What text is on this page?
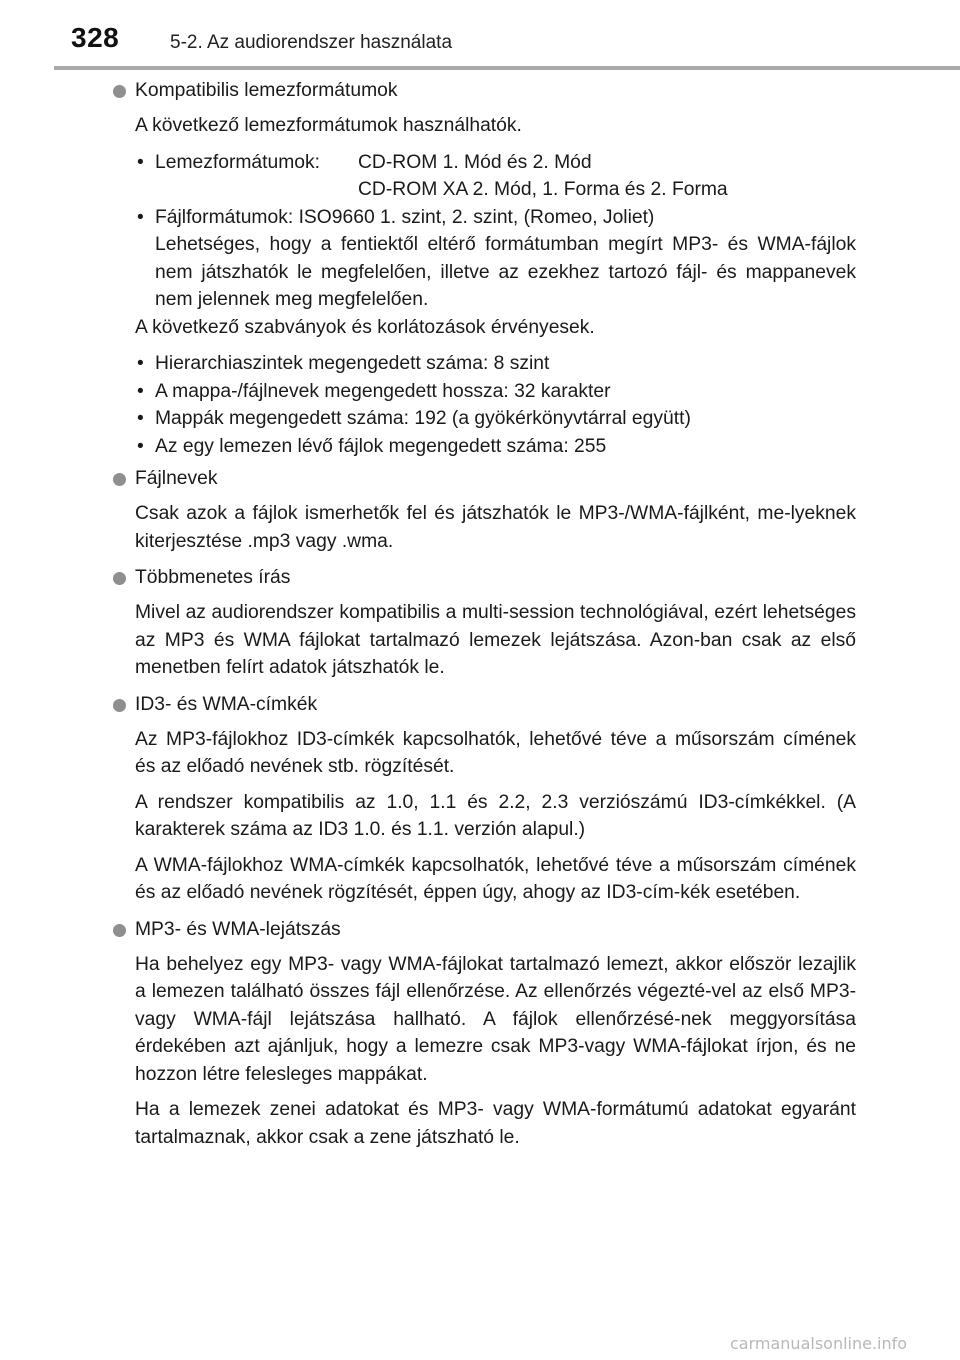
328	5-2. Az audiorendszer használata
Kompatibilis lemezformátumok

A következő lemezformátumok használhatók.

• Lemezformátumok:	CD-ROM 1. Mód és 2. Mód
CD-ROM XA 2. Mód, 1. Forma és 2. Forma
• Fájlformátumok: ISO9660 1. szint, 2. szint, (Romeo, Joliet)
Lehetséges, hogy a fentiektől eltérő formátumban megírt MP3- és WMA-fájlok nem játszhatók le megfelelően, illetve az ezekhez tartozó fájl- és mappanevek nem jelennek meg megfelelően.

A következő szabványok és korlátozások érvényesek.

• Hierarchiaszintek megengedett száma: 8 szint
• A mappa-/fájlnevek megengedett hossza: 32 karakter
• Mappák megengedett száma: 192 (a gyökérkönyvtárral együtt)
• Az egy lemezen lévő fájlok megengedett száma: 255
Fájlnevek

Csak azok a fájlok ismerhetők fel és játszhatók le MP3-/WMA-fájlként, me-lyeknek kiterjesztése .mp3 vagy .wma.

Többmenetes írás

Mivel az audiorendszer kompatibilis a multi-session technológiával, ezért lehetséges az MP3 és WMA fájlokat tartalmazó lemezek lejátszása. Azon-ban csak az első menetben felírt adatok játszhatók le.

ID3- és WMA-címkék

Az MP3-fájlokhoz ID3-címkék kapcsolhatók, lehetővé téve a műsorszám címének és az előadó nevének stb. rögzítését.

A rendszer kompatibilis az 1.0, 1.1 és 2.2, 2.3 verziószámú ID3-címkékkel. (A karakterek száma az ID3 1.0. és 1.1. verzión alapul.)

A WMA-fájlokhoz WMA-címkék kapcsolhatók, lehetővé téve a műsorszám címének és az előadó nevének rögzítését, éppen úgy, ahogy az ID3-cím-kék esetében.

MP3- és WMA-lejátszás

Ha behelyez egy MP3- vagy WMA-fájlokat tartalmazó lemezt, akkor először lezajlik a lemezen található összes fájl ellenőrzése. Az ellenőrzés végezté-vel az első MP3- vagy WMA-fájl lejátszása hallható. A fájlok ellenőrzésé-nek meggyorsítása érdekében azt ajánljuk, hogy a lemezre csak MP3-vagy WMA-fájlokat írjon, és ne hozzon létre felesleges mappákat.

Ha a lemezek zenei adatokat és MP3- vagy WMA-formátumú adatokat egyaránt tartalmaznak, akkor csak a zene játszható le.

carmanualsonline.info
